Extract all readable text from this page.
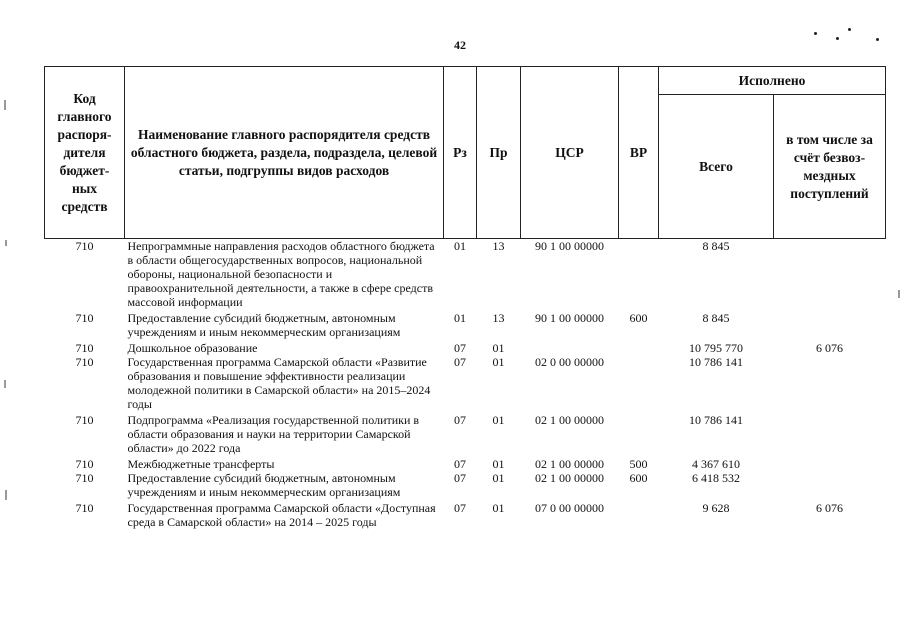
42
Код главного распоря-дителя бюджет-ных средств	Наименование главного распорядителя средств областного бюджета, раздела, подраздела, целевой статьи, подгруппы видов расходов	Рз	Пр	ЦСР	ВР	Исполнено	
						Всего	в том числе за счёт безвоз-мездных поступлений
710	Непрограммные направления расходов областного бюджета в области общегосударственных вопросов, национальной обороны, национальной безопасности и правоохранительной деятельности, а также в сфере средств массовой информации	01	13	90 1 00 00000		8 845	
710	Предоставление субсидий бюджетным, автономным учреждениям и иным некоммерческим организациям	01	13	90 1 00 00000	600	8 845	
710	Дошкольное образование	07	01			10 795 770	6 076
710	Государственная программа Самарской области «Развитие образования и повышение эффективности реализации молодежной политики в Самарской области» на 2015–2024 годы	07	01	02 0 00 00000		10 786 141	
710	Подпрограмма «Реализация государственной политики в области образования и науки на территории Самарской области» до 2022 года	07	01	02 1 00 00000		10 786 141	
710	Межбюджетные трансферты	07	01	02 1 00 00000	500	4 367 610	
710	Предоставление субсидий бюджетным, автономным учреждениям и иным некоммерческим организациям	07	01	02 1 00 00000	600	6 418 532	
710	Государственная программа Самарской области «Доступная среда в Самарской области» на 2014 – 2025 годы	07	01	07 0 00 00000		9 628	6 076
